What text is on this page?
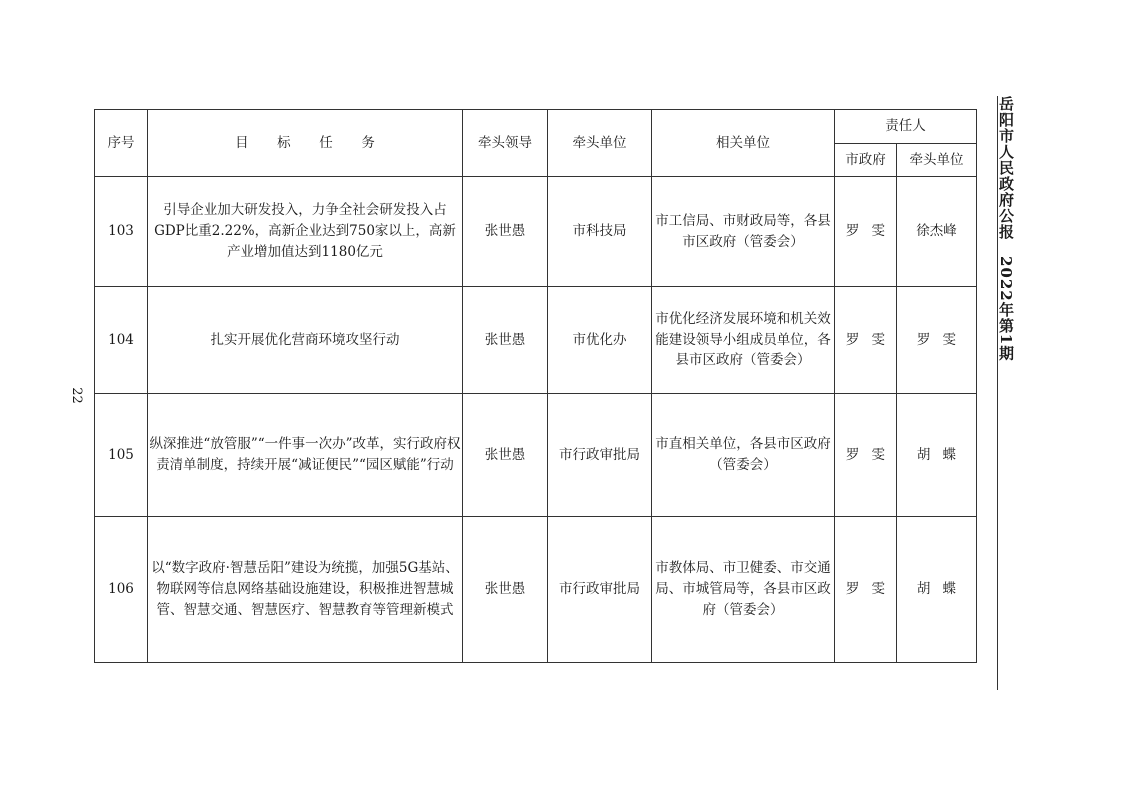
22
岳阳市人民政府公报　2022年第1期
序号	目 标 任 务	牵头领导	牵头单位	相关单位	责任人	
					市政府	牵头单位
103	引导企业加大研发投入，力争全社会研发投入占GDP比重2.22%，高新企业达到750家以上，高新产业增加值达到1180亿元	张世愚	市科技局	市工信局、市财政局等，各县市区政府（管委会）	罗雯	徐杰峰
104	扎实开展优化营商环境攻坚行动	张世愚	市优化办	市优化经济发展环境和机关效能建设领导小组成员单位，各县市区政府（管委会）	罗雯	罗雯
105	纵深推进“放管服”“一件事一次办”改革，实行政府权责清单制度，持续开展“减证便民”“园区赋能”行动	张世愚	市行政审批局	市直相关单位，各县市区政府（管委会）	罗雯	胡蝶
106	以“数字政府·智慧岳阳”建设为统揽，加强5G基站、物联网等信息网络基础设施建设，积极推进智慧城管、智慧交通、智慧医疗、智慧教育等管理新模式	张世愚	市行政审批局	市教体局、市卫健委、市交通局、市城管局等，各县市区政府（管委会）	罗雯	胡蝶
